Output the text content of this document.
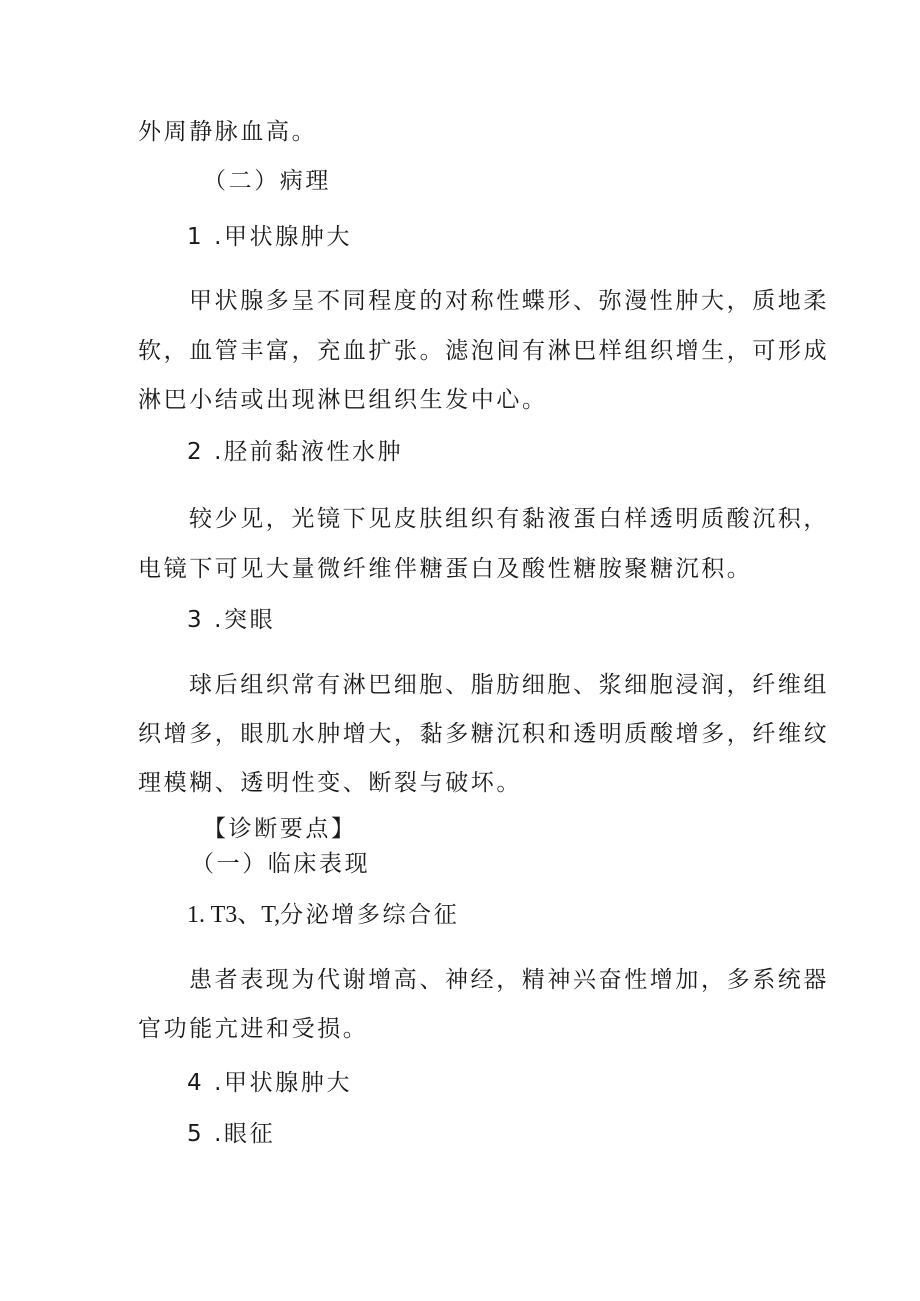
外周静脉血高。

（二）病理

1 .甲状腺肿大

甲状腺多呈不同程度的对称性蝶形、弥漫性肿大，质地柔

软，血管丰富，充血扩张。滤泡间有淋巴样组织增生，可形成

淋巴小结或出现淋巴组织生发中心。

2 .胫前黏液性水肿

较少见，光镜下见皮肤组织有黏液蛋白样透明质酸沉积，

电镜下可见大量微纤维伴糖蛋白及酸性糖胺聚糖沉积。

3 .突眼

球后组织常有淋巴细胞、脂肪细胞、浆细胞浸润，纤维组

织增多，眼肌水肿增大，黏多糖沉积和透明质酸增多，纤维纹

理模糊、透明性变、断裂与破坏。

【诊断要点】

（一）临床表现

1. T3、T,分泌增多综合征

患者表现为代谢增高、神经，精神兴奋性增加，多系统器

官功能亢进和受损。

4 .甲状腺肿大

5 .眼征
